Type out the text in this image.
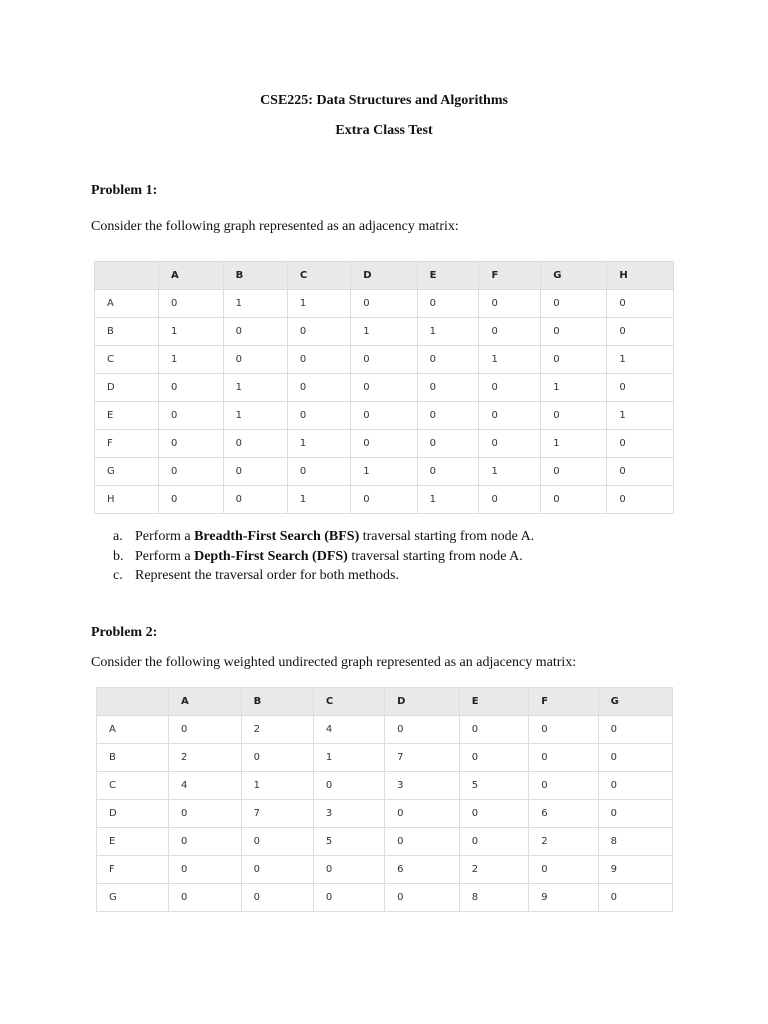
CSE225: Data Structures and Algorithms
Extra Class Test
Problem 1:
Consider the following graph represented as an adjacency matrix:
	A	B	C	D	E	F	G	H
A	0	1	1	0	0	0	0	0
B	1	0	0	1	1	0	0	0
C	1	0	0	0	0	1	0	1
D	0	1	0	0	0	0	1	0
E	0	1	0	0	0	0	0	1
F	0	0	1	0	0	0	1	0
G	0	0	0	1	0	1	0	0
H	0	0	1	0	1	0	0	0
a. Perform a Breadth-First Search (BFS) traversal starting from node A.
b. Perform a Depth-First Search (DFS) traversal starting from node A.
c. Represent the traversal order for both methods.
Problem 2:
Consider the following weighted undirected graph represented as an adjacency matrix:
	A	B	C	D	E	F	G
A	0	2	4	0	0	0	0
B	2	0	1	7	0	0	0
C	4	1	0	3	5	0	0
D	0	7	3	0	0	6	0
E	0	0	5	0	0	2	8
F	0	0	0	6	2	0	9
G	0	0	0	0	8	9	0
